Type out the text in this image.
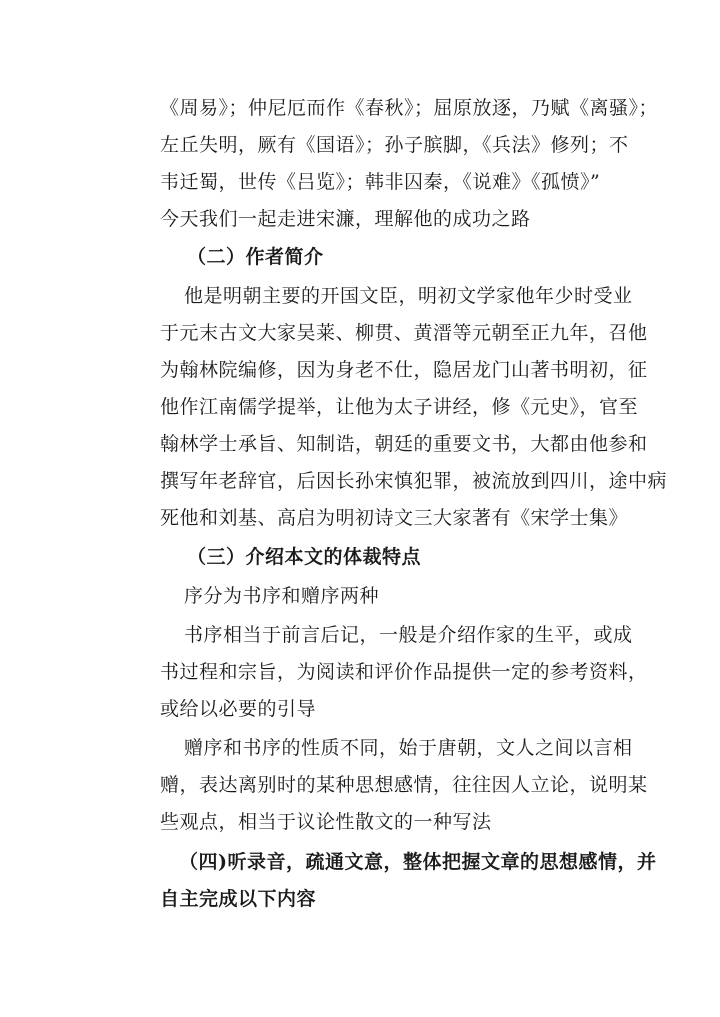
《周易》；仲尼厄而作《春秋》；屈原放逐，乃赋《离骚》；
左丘失明，厥有《国语》；孙子膑脚，《兵法》修列；不
韦迁蜀，世传《吕览》；韩非囚秦，《说难》《孤愤》”
今天我们一起走进宋濂，理解他的成功之路
（二）作者简介
他是明朝主要的开国文臣，明初文学家他年少时受业
于元末古文大家吴莱、柳贯、黄溍等元朝至正九年，召他
为翰林院编修，因为身老不仕，隐居龙门山著书明初，征
他作江南儒学提举，让他为太子讲经，修《元史》，官至
翰林学士承旨、知制诰，朝廷的重要文书，大都由他参和
撰写年老辞官，后因长孙宋慎犯罪，被流放到四川，途中病
死他和刘基、高启为明初诗文三大家著有《宋学士集》
（三）介绍本文的体裁特点
序分为书序和赠序两种
书序相当于前言后记，一般是介绍作家的生平，或成
书过程和宗旨，为阅读和评价作品提供一定的参考资料，
或给以必要的引导
赠序和书序的性质不同，始于唐朝，文人之间以言相
赠，表达离别时的某种思想感情，往往因人立论，说明某
些观点，相当于议论性散文的一种写法
（四)听录音，疏通文意，整体把握文章的思想感情，并
自主完成以下内容
